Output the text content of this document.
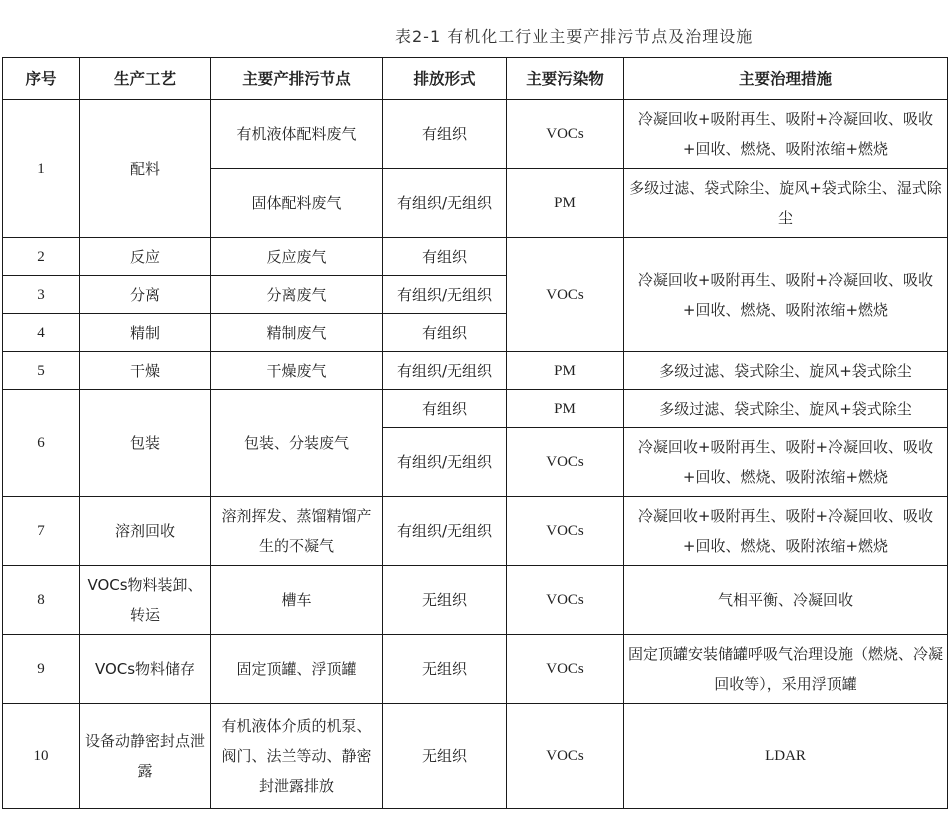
表2-1 有机化工行业主要产排污节点及治理设施
序号	生产工艺	主要产排污节点	排放形式	主要污染物	主要治理措施
1	配料	有机液体配料废气	有组织	VOCs	冷凝回收+吸附再生、吸附+冷凝回收、吸收+回收、燃烧、吸附浓缩+燃烧
		固体配料废气	有组织/无组织	PM	多级过滤、袋式除尘、旋风+袋式除尘、湿式除尘
2	反应	反应废气	有组织	VOCs	冷凝回收+吸附再生、吸附+冷凝回收、吸收+回收、燃烧、吸附浓缩+燃烧
3	分离	分离废气	有组织/无组织		
4	精制	精制废气	有组织		
5	干燥	干燥废气	有组织/无组织	PM	多级过滤、袋式除尘、旋风+袋式除尘
6	包装	包装、分装废气	有组织	PM	多级过滤、袋式除尘、旋风+袋式除尘
			有组织/无组织	VOCs	冷凝回收+吸附再生、吸附+冷凝回收、吸收+回收、燃烧、吸附浓缩+燃烧
7	溶剂回收	溶剂挥发、蒸馏精馏产生的不凝气	有组织/无组织	VOCs	冷凝回收+吸附再生、吸附+冷凝回收、吸收+回收、燃烧、吸附浓缩+燃烧
8	VOCs物料装卸、转运	槽车	无组织	VOCs	气相平衡、冷凝回收
9	VOCs物料储存	固定顶罐、浮顶罐	无组织	VOCs	固定顶罐安装储罐呼吸气治理设施（燃烧、冷凝回收等），采用浮顶罐
10	设备动静密封点泄露	有机液体介质的机泵、阀门、法兰等动、静密封泄露排放	无组织	VOCs	LDAR
